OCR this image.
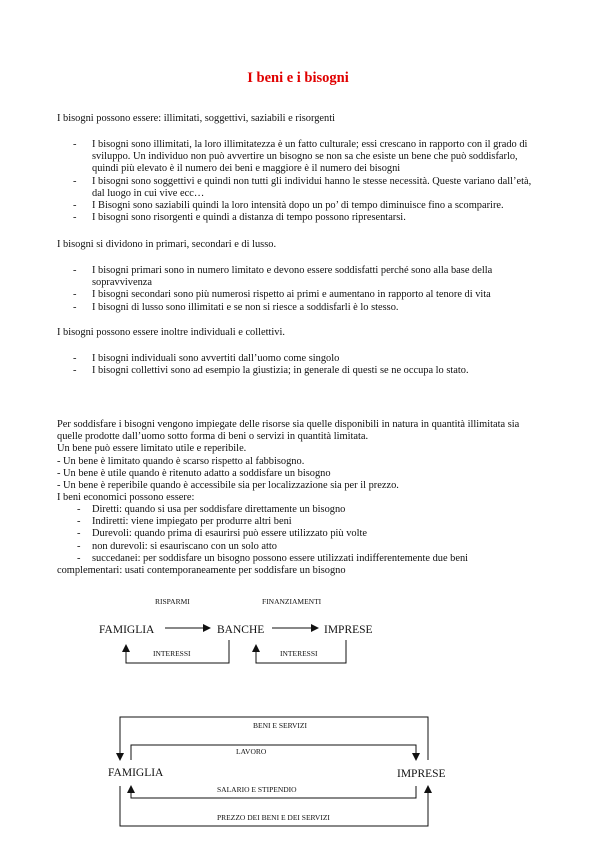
I beni e i bisogni
I bisogni possono essere: illimitati, soggettivi, saziabili e risorgenti
- I bisogni sono illimitati, la loro illimitatezza è un fatto culturale; essi crescano in rapporto con il grado di sviluppo. Un individuo non può avvertire un bisogno se non sa che esiste un bene che può soddisfarlo, quindi più elevato è il numero dei beni e maggiore è il numero dei bisogni
- I bisogni sono soggettivi e quindi non tutti gli individui hanno le stesse necessità. Queste variano dall’età, dal luogo in cui vive ecc…
- I Bisogni sono saziabili quindi la loro intensità dopo un po’ di tempo diminuisce fino a scomparire.
- I bisogni sono risorgenti e quindi a distanza di tempo possono ripresentarsi.
I bisogni si dividono in primari, secondari e di lusso.
- I bisogni primari sono in numero limitato e devono essere soddisfatti perché sono alla base della sopravvivenza
- I bisogni secondari sono più numerosi rispetto ai primi e aumentano in rapporto al tenore di vita
- I bisogni di lusso sono illimitati e se non si riesce a soddisfarli è lo stesso.
I bisogni possono essere inoltre individuali e collettivi.
- I bisogni individuali sono avvertiti dall’uomo come singolo
- I bisogni collettivi sono ad esempio la giustizia; in generale di questi se ne occupa lo stato.
Per soddisfare i bisogni vengono impiegate delle risorse sia quelle disponibili in natura in quantità illimitata sia quelle prodotte dall’uomo sotto forma di beni o servizi in quantità limitata.
Un bene può essere limitato utile e reperibile.
- Un bene è limitato quando è scarso rispetto al fabbisogno.
- Un bene è utile quando è ritenuto adatto a soddisfare un bisogno
- Un bene è reperibile quando è accessibile sia per localizzazione sia per il prezzo.
I beni economici possono essere:
- Diretti: quando si usa per soddisfare direttamente un bisogno
- Indiretti: viene impiegato per produrre altri beni
- Durevoli: quando prima di esaurirsi può essere utilizzato più volte
- non durevoli: si esauriscano con un solo atto
- succedanei: per soddisfare un bisogno possono essere utilizzati indifferentemente due beni
complementari: usati contemporaneamente per soddisfare un bisogno
RISPARMI	FINANZIAMENTI
FAMIGLIA	BANCHE	IMPRESE
INTERESSI	INTERESSI
BENI E SERVIZI
LAVORO
FAMIGLIA	IMPRESE
SALARIO E STIPENDIO
PREZZO DEI BENI E DEI SERVIZI
